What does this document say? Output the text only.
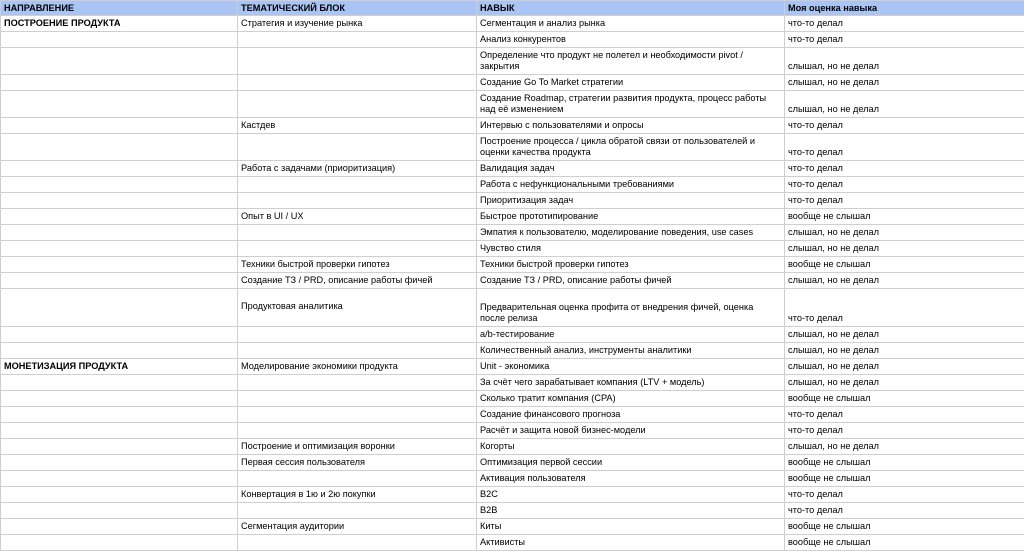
НАПРАВЛЕНИЕ	ТЕМАТИЧЕСКИЙ БЛОК	НАВЫК	Моя оценка навыка
ПОСТРОЕНИЕ ПРОДУКТА	Стратегия и изучение рынка	Сегментация и анализ рынка	что-то делал
		Анализ конкурентов	что-то делал
		Определение что продукт не полетел и необходимости pivot / закрытия	слышал, но не делал
		Создание Go To Market стратегии	слышал, но не делал
		Создание Roadmap, стратегии развития продукта, процесс работы над её изменением	слышал, но не делал
	Кастдев	Интервью с пользователями и опросы	что-то делал
		Построение процесса / цикла обратой связи от пользователей и оценки качества продукта	что-то делал
	Работа с задачами (приоритизация)	Валидация задач	что-то делал
		Работа с нефункциональными требованиями	что-то делал
		Приоритизация задач	что-то делал
	Опыт в UI / UX	Быстрое прототипирование	вообще не слышал
		Эмпатия к пользователю, моделирование поведения, use cases	слышал, но не делал
		Чувство стиля	слышал, но не делал
	Техники быстрой проверки гипотез	Техники быстрой проверки гипотез	вообще не слышал
	Создание ТЗ / PRD, описание работы фичей	Создание ТЗ / PRD, описание работы фичей	слышал, но не делал
	Продуктовая аналитика	Предварительная оценка профита от внедрения фичей, оценка после релиза	что-то делал
		a/b-тестирование	слышал, но не делал
		Количественный анализ, инструменты аналитики	слышал, но не делал
МОНЕТИЗАЦИЯ ПРОДУКТА	Моделирование экономики продукта	Unit - экономика	слышал, но не делал
		За счёт чего зарабатывает компания (LTV + модель)	слышал, но не делал
		Сколько тратит компания (CPA)	вообще не слышал
		Создание финансового прогноза	что-то делал
		Расчёт и защита новой бизнес-модели	что-то делал
	Построение и оптимизация воронки	Когорты	слышал, но не делал
	Первая сессия пользователя	Оптимизация первой сессии	вообще не слышал
		Активация пользователя	вообще не слышал
	Конвертация в 1ю и 2ю покупки	B2C	что-то делал
		B2B	что-то делал
	Сегментация аудитории	Киты	вообще не слышал
		Активисты	вообще не слышал
